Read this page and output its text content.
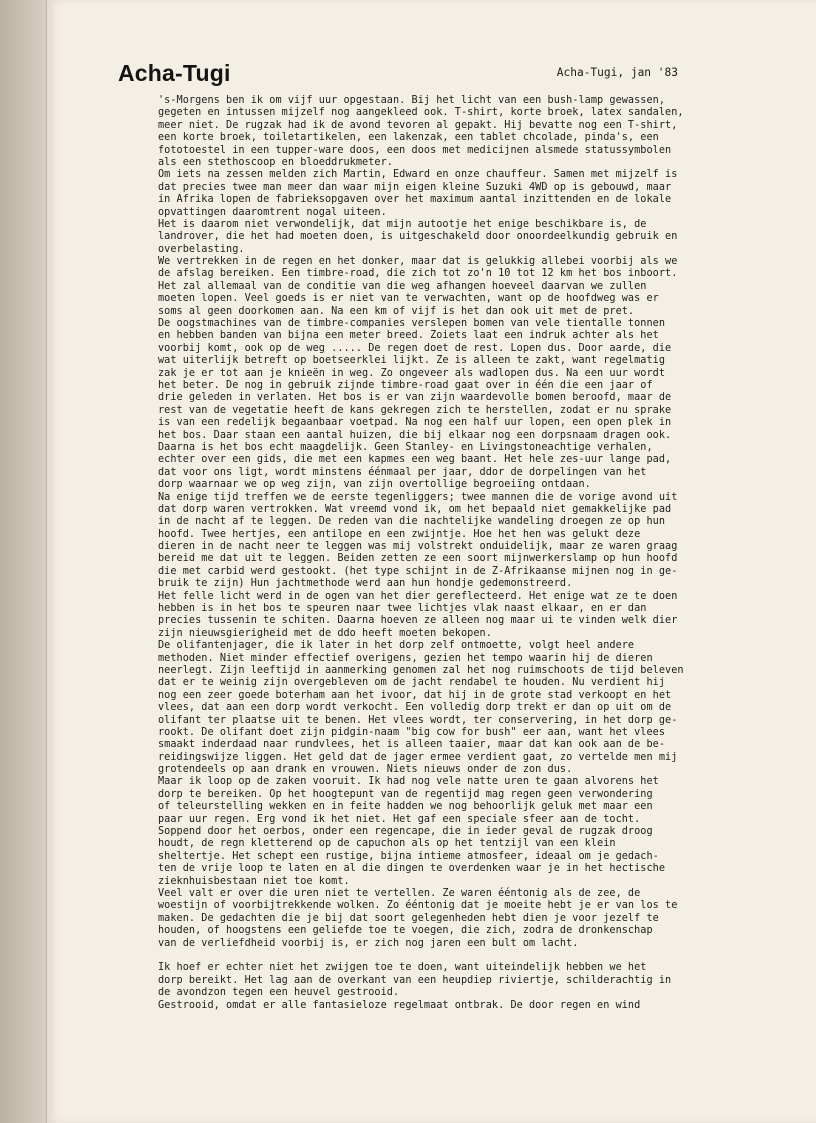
Acha-Tugi	Acha-Tugi, jan '83
's-Morgens ben ik om vijf uur opgestaan. Bij het licht van een bush-lamp gewassen,
gegeten en intussen mijzelf nog aangekleed ook. T-shirt, korte broek, latex sandalen,
meer niet. De rugzak had ik de avond tevoren al gepakt. Hij bevatte nog een T-shirt,
een korte broek, toiletartikelen, een lakenzak, een tablet chcolade, pinda's, een
fototoestel in een tupper-ware doos, een doos met medicijnen alsmede statussymbolen
als een stethoscoop en bloeddrukmeter.
Om iets na zessen melden zich Martin, Edward en onze chauffeur. Samen met mijzelf is
dat precies twee man meer dan waar mijn eigen kleine Suzuki 4WD op is gebouwd, maar
in Afrika lopen de fabrieksopgaven over het maximum aantal inzittenden en de lokale
opvattingen daaromtrent nogal uiteen.
Het is daarom niet verwondelijk, dat mijn autootje het enige beschikbare is, de
landrover, die het had moeten doen, is uitgeschakeld door onoordeelkundig gebruik en
overbelasting.
We vertrekken in de regen en het donker, maar dat is gelukkig allebei voorbij als we
de afslag bereiken. Een timbre-road, die zich tot zo'n 10 tot 12 km het bos inboort.
Het zal allemaal van de conditie van die weg afhangen hoeveel daarvan we zullen
moeten lopen. Veel goeds is er niet van te verwachten, want op de hoofdweg was er
soms al geen doorkomen aan. Na een km of vijf is het dan ook uit met de pret.
De oogstmachines van de timbre-companies verslepen bomen van vele tientalle tonnen
en hebben banden van bijna een meter breed. Zoiets laat een indruk achter als het
voorbij komt, ook op de weg ..... De regen doet de rest. Lopen dus. Door aarde, die
wat uiterlijk betreft op boetseerklei lijkt. Ze is alleen te zakt, want regelmatig
zak je er tot aan je knieën in weg. Zo ongeveer als wadlopen dus. Na een uur wordt
het beter. De nog in gebruik zijnde timbre-road gaat over in één die een jaar of
drie geleden in verlaten. Het bos is er van zijn waardevolle bomen beroofd, maar de
rest van de vegetatie heeft de kans gekregen zich te herstellen, zodat er nu sprake
is van een redelijk begaanbaar voetpad. Na nog een half uur lopen, een open plek in
het bos. Daar staan een aantal huizen, die bij elkaar nog een dorpsnaam dragen ook.
Daarna is het bos echt maagdelijk. Geen Stanley- en Livingstoneachtige verhalen,
echter over een gids, die met een kapmes een weg baant. Het hele zes-uur lange pad,
dat voor ons ligt, wordt minstens éénmaal per jaar, ddor de dorpelingen van het
dorp waarnaar we op weg zijn, van zijn overtollige begroeiïng ontdaan.
Na enige tijd treffen we de eerste tegenliggers; twee mannen die de vorige avond uit
dat dorp waren vertrokken. Wat vreemd vond ik, om het bepaald niet gemakkelijke pad
in de nacht af te leggen. De reden van die nachtelijke wandeling droegen ze op hun
hoofd. Twee hertjes, een antilope en een zwijntje. Hoe het hen was gelukt deze
dieren in de nacht neer te leggen was mij volstrekt onduidelijk, maar ze waren graag
bereid me dat uit te leggen. Beiden zetten ze een soort mijnwerkerslamp op hun hoofd
die met carbid werd gestookt. (het type schijnt in de Z-Afrikaanse mijnen nog in ge-
bruik te zijn) Hun jachtmethode werd aan hun hondje gedemonstreerd.
Het felle licht werd in de ogen van het dier gereflecteerd. Het enige wat ze te doen
hebben is in het bos te speuren naar twee lichtjes vlak naast elkaar, en er dan
precies tussenin te schiten. Daarna hoeven ze alleen nog maar ui te vinden welk dier
zijn nieuwsgierigheid met de ddo heeft moeten bekopen.
De olifantenjager, die ik later in het dorp zelf ontmoette, volgt heel andere
methoden. Niet minder effectief overigens, gezien het tempo waarin hij de dieren
neerlegt. Zijn leeftijd in aanmerking genomen zal het nog ruimschoots de tijd beleven
dat er te weinig zijn overgebleven om de jacht rendabel te houden. Nu verdient hij
nog een zeer goede boterham aan het ivoor, dat hij in de grote stad verkoopt en het
vlees, dat aan een dorp wordt verkocht. Een volledig dorp trekt er dan op uit om de
olifant ter plaatse uit te benen. Het vlees wordt, ter conservering, in het dorp ge-
rookt. De olifant doet zijn pidgin-naam "big cow for bush" eer aan, want het vlees
smaakt inderdaad naar rundvlees, het is alleen taaier, maar dat kan ook aan de be-
reidingswijze liggen. Het geld dat de jager ermee verdient gaat, zo vertelde men mij
grotendeels op aan drank en vrouwen. Niets nieuws onder de zon dus.
Maar ik loop op de zaken vooruit. Ik had nog vele natte uren te gaan alvorens het
dorp te bereiken. Op het hoogtepunt van de regentijd mag regen geen verwondering
of teleurstelling wekken en in feite hadden we nog behoorlijk geluk met maar een
paar uur regen. Erg vond ik het niet. Het gaf een speciale sfeer aan de tocht.
Soppend door het oerbos, onder een regencape, die in ieder geval de rugzak droog
houdt, de regn kletterend op de capuchon als op het tentzijl van een klein
sheltertje. Het schept een rustige, bijna intieme atmosfeer, ideaal om je gedach-
ten de vrije loop te laten en al die dingen te overdenken waar je in het hectische
zieknhuisbestaan niet toe komt.
Veel valt er over die uren niet te vertellen. Ze waren ééntonig als de zee, de
woestijn of voorbijtrekkende wolken. Zo ééntonig dat je moeite hebt je er van los te
maken. De gedachten die je bij dat soort gelegenheden hebt dien je voor jezelf te
houden, of hoogstens een geliefde toe te voegen, die zich, zodra de dronkenschap
van de verliefdheid voorbij is, er zich nog jaren een bult om lacht.
Ik hoef er echter niet het zwijgen toe te doen, want uiteindelijk hebben we het
dorp bereikt. Het lag aan de overkant van een heupdiep riviertje, schilderachtig in
de avondzon tegen een heuvel gestrooid.
Gestrooid, omdat er alle fantasieloze regelmaat ontbrak. De door regen en wind
